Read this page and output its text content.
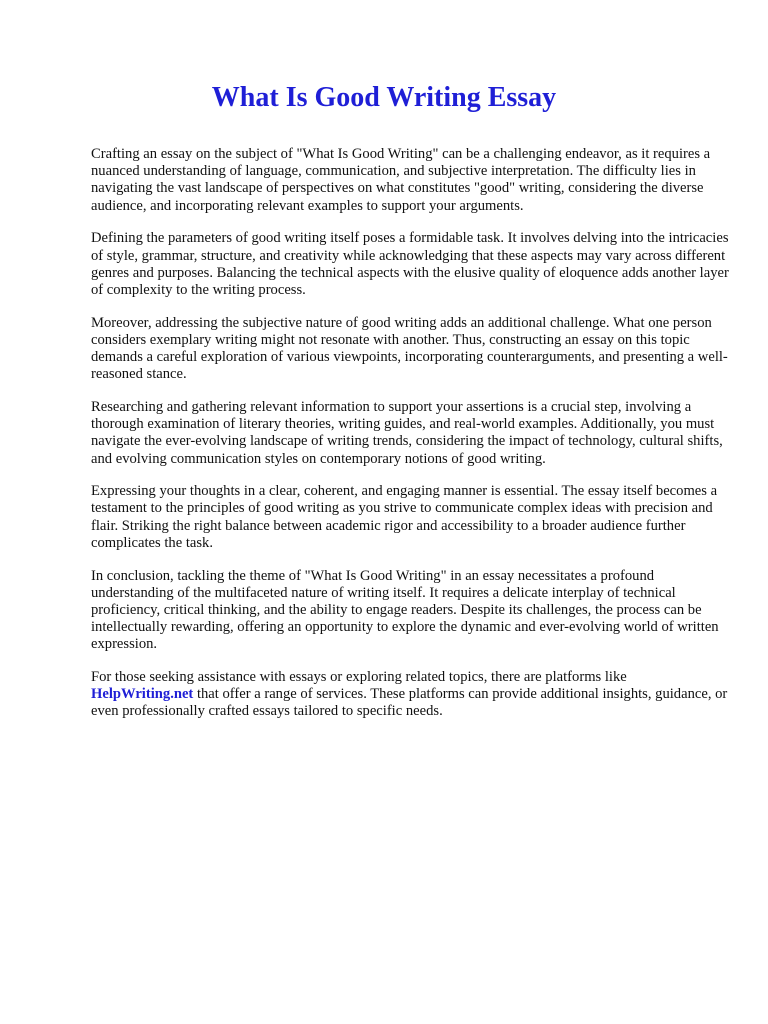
What Is Good Writing Essay

Crafting an essay on the subject of "What Is Good Writing" can be a challenging endeavor, as it requires a nuanced understanding of language, communication, and subjective interpretation. The difficulty lies in navigating the vast landscape of perspectives on what constitutes "good" writing, considering the diverse audience, and incorporating relevant examples to support your arguments.

Defining the parameters of good writing itself poses a formidable task. It involves delving into the intricacies of style, grammar, structure, and creativity while acknowledging that these aspects may vary across different genres and purposes. Balancing the technical aspects with the elusive quality of eloquence adds another layer of complexity to the writing process.

Moreover, addressing the subjective nature of good writing adds an additional challenge. What one person considers exemplary writing might not resonate with another. Thus, constructing an essay on this topic demands a careful exploration of various viewpoints, incorporating counterarguments, and presenting a well-reasoned stance.

Researching and gathering relevant information to support your assertions is a crucial step, involving a thorough examination of literary theories, writing guides, and real-world examples. Additionally, you must navigate the ever-evolving landscape of writing trends, considering the impact of technology, cultural shifts, and evolving communication styles on contemporary notions of good writing.

Expressing your thoughts in a clear, coherent, and engaging manner is essential. The essay itself becomes a testament to the principles of good writing as you strive to communicate complex ideas with precision and flair. Striking the right balance between academic rigor and accessibility to a broader audience further complicates the task.

In conclusion, tackling the theme of "What Is Good Writing" in an essay necessitates a profound understanding of the multifaceted nature of writing itself. It requires a delicate interplay of technical proficiency, critical thinking, and the ability to engage readers. Despite its challenges, the process can be intellectually rewarding, offering an opportunity to explore the dynamic and ever-evolving world of written expression.

For those seeking assistance with essays or exploring related topics, there are platforms like HelpWriting.net that offer a range of services. These platforms can provide additional insights, guidance, or even professionally crafted essays tailored to specific needs.
